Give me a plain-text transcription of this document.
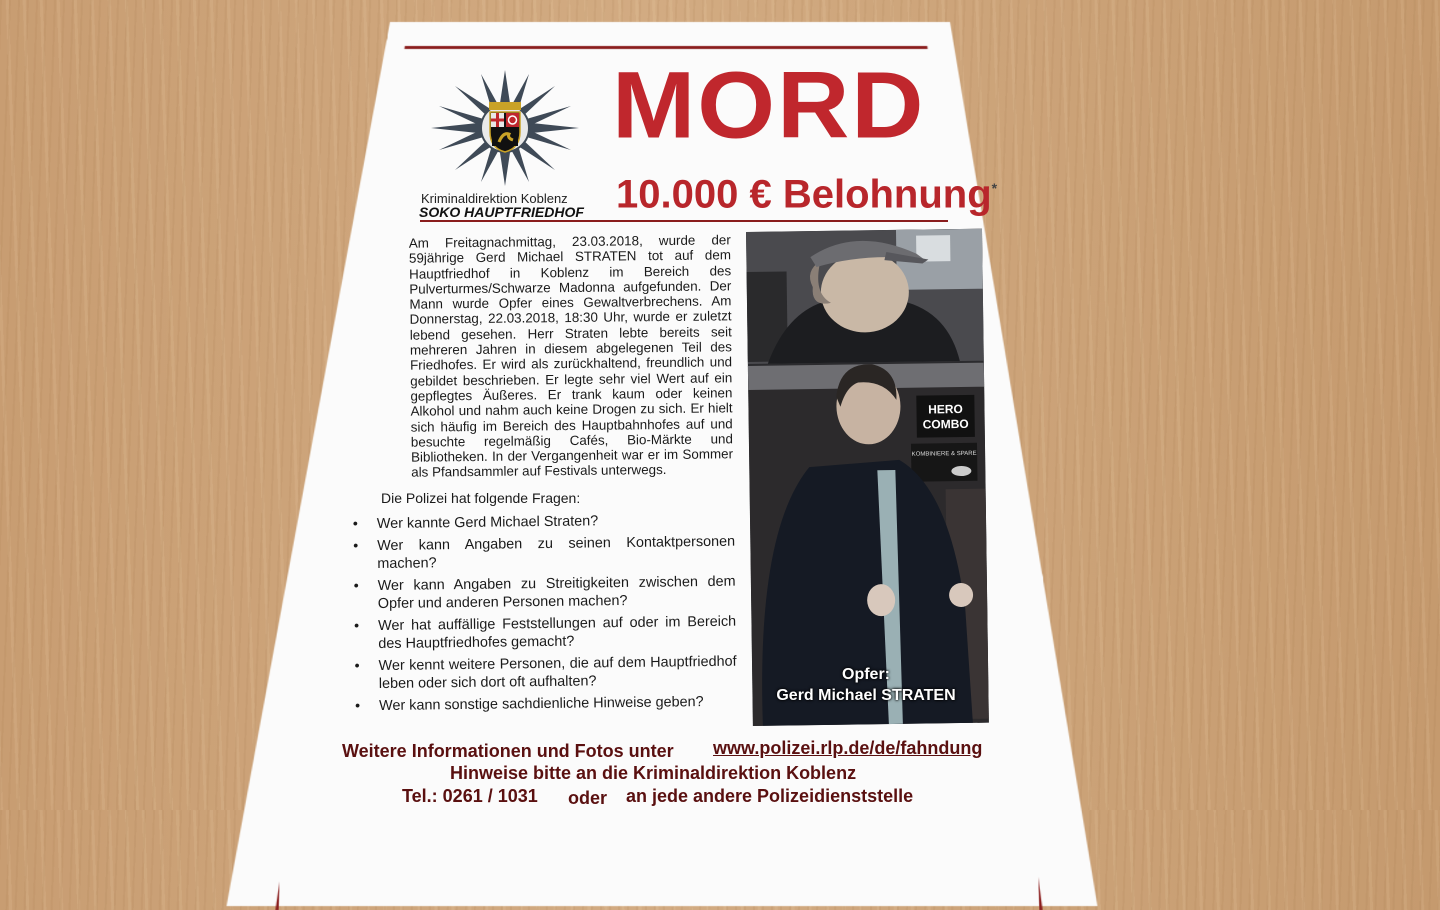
MORD
10.000 € Belohnung*
Kriminaldirektion Koblenz
SOKO HAUPTFRIEDHOF
Am Freitagnachmittag, 23.03.2018, wurde der 59jährige Gerd Michael STRATEN tot auf dem Hauptfriedhof in Koblenz im Bereich des Pulverturmes/Schwarze Madonna aufgefunden. Der Mann wurde Opfer eines Gewaltverbrechens. Am Donnerstag, 22.03.2018, 18:30 Uhr, wurde er zuletzt lebend gesehen. Herr Straten lebte bereits seit mehreren Jahren in diesem abgelegenen Teil des Friedhofes. Er wird als zurückhaltend, freundlich und gebildet beschrieben. Er legte sehr viel Wert auf ein gepflegtes Äußeres. Er trank kaum oder keinen Alkohol und nahm auch keine Drogen zu sich. Er hielt sich häufig im Bereich des Hauptbahnhofes auf und besuchte regelmäßig Cafés, Bio-Märkte und Bibliotheken. In der Vergangenheit war er im Sommer als Pfandsammler auf Festivals unterwegs.
Die Polizei hat folgende Fragen:
• Wer kannte Gerd Michael Straten?
• Wer kann Angaben zu seinen Kontaktpersonen machen?
• Wer kann Angaben zu Streitigkeiten zwischen dem Opfer und anderen Personen machen?
• Wer hat auffällige Feststellungen auf oder im Bereich des Hauptfriedhofes gemacht?
• Wer kennt weitere Personen, die auf dem Hauptfriedhof leben oder sich dort oft aufhalten?
• Wer kann sonstige sachdienliche Hinweise geben?
HERO
COMBO
KOMBINIERE & SPARE
Opfer:
Gerd Michael STRATEN
Weitere Informationen und Fotos unter www.polizei.rlp.de/de/fahndung
Hinweise bitte an die Kriminaldirektion Koblenz
Tel.: 0261 / 1031 oder an jede andere Polizeidienststelle
